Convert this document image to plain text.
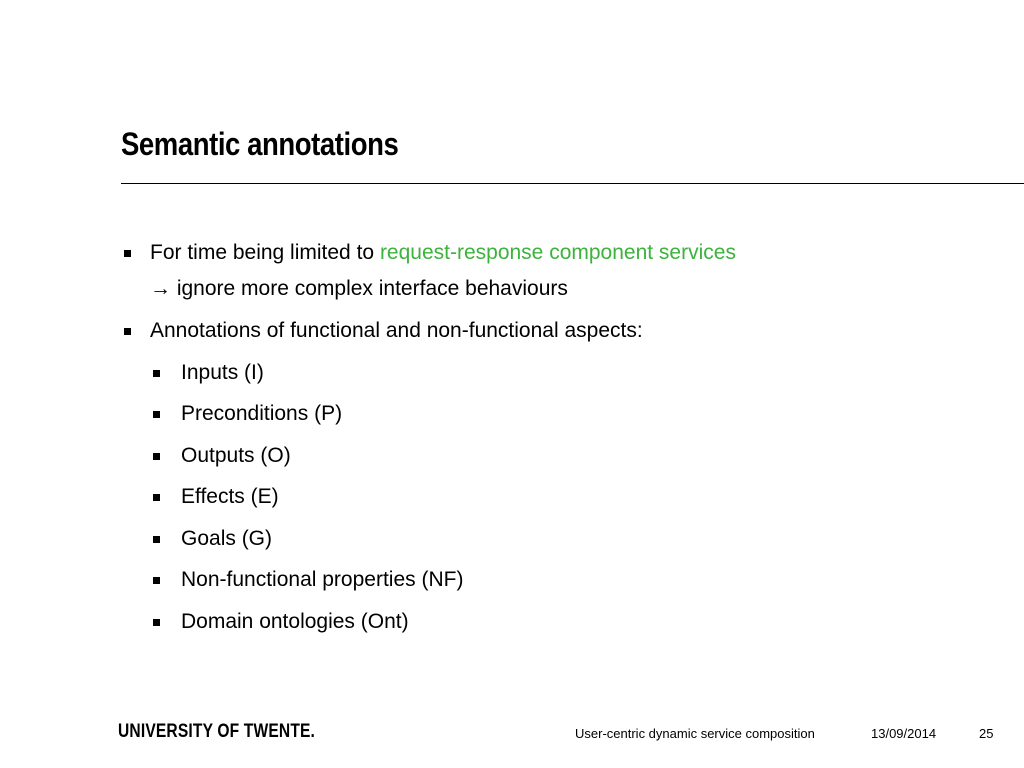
Semantic annotations
For time being limited to request-response component services
→ ignore more complex interface behaviours
Annotations of functional and non-functional aspects:
Inputs (I)
Preconditions (P)
Outputs (O)
Effects (E)
Goals (G)
Non-functional properties (NF)
Domain ontologies (Ont)
UNIVERSITY OF TWENTE.	User-centric dynamic service composition	13/09/2014	25
